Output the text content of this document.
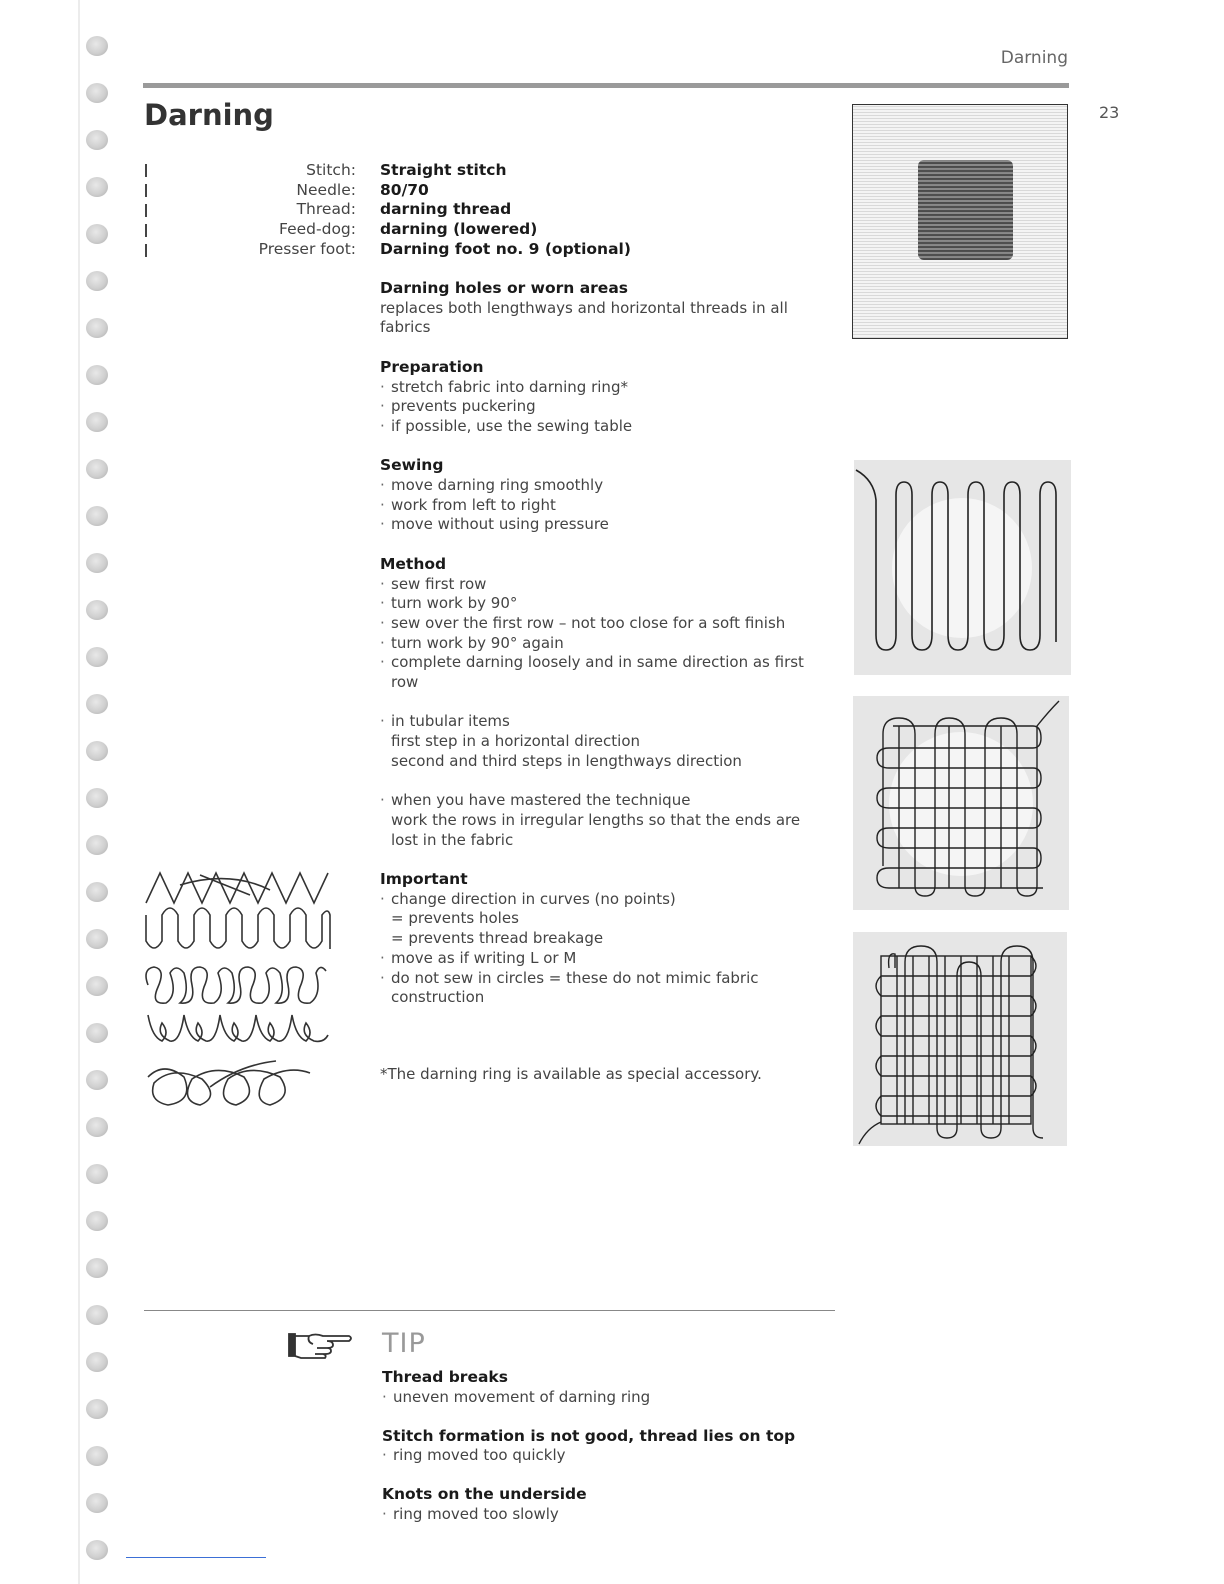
Darning
23
Darning
Stitch:
Needle:
Thread:
Feed-dog:
Presser foot:
Straight stitch
80/70
darning thread
darning (lowered)
Darning foot no. 9 (optional)
Darning holes or worn areas
replaces both lengthways and horizontal threads in all
fabrics
Preparation
· stretch fabric into darning ring*
· prevents puckering
· if possible, use the sewing table
Sewing
· move darning ring smoothly
· work from left to right
· move without using pressure
Method
· sew first row
· turn work by 90°
· sew over the first row – not too close for a soft finish
· turn work by 90° again
· complete darning loosely and in same direction as first
row
· in tubular items
first step in a horizontal direction
second and third steps in lengthways direction
· when you have mastered the technique
work the rows in irregular lengths so that the ends are
lost in the fabric
Important
· change direction in curves (no points)
= prevents holes
= prevents thread breakage
· move as if writing L or M
· do not sew in circles = these do not mimic fabric
construction
*The darning ring is available as special accessory.
TIP
Thread breaks
· uneven movement of darning ring
Stitch formation is not good, thread lies on top
· ring moved too quickly
Knots on the underside
· ring moved too slowly
